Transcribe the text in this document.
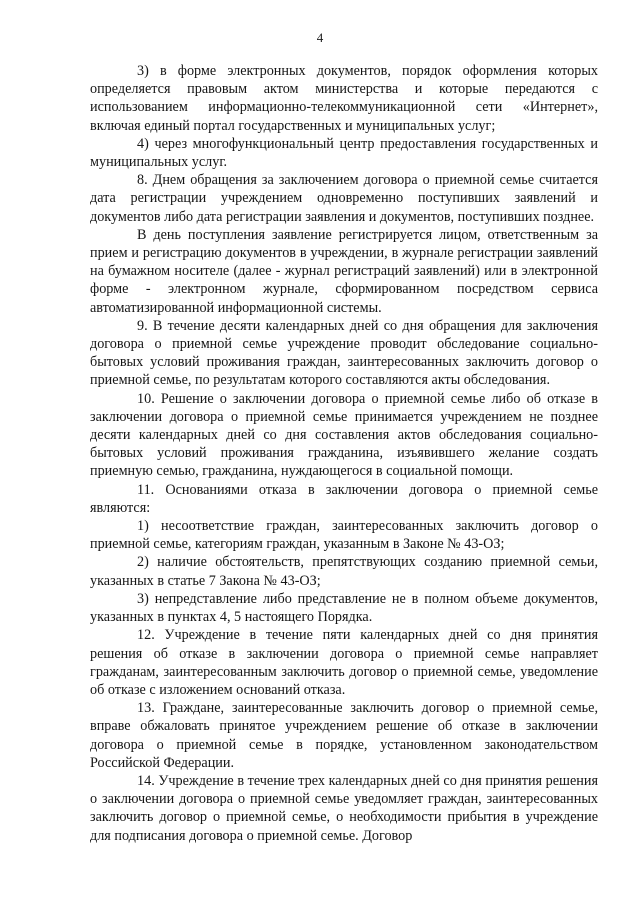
4

3) в форме электронных документов, порядок оформления которых определяется правовым актом министерства и которые передаются с использованием информационно-телекоммуникационной сети «Интернет», включая единый портал государственных и муниципальных услуг;

4) через многофункциональный центр предоставления государственных и муниципальных услуг.

8. Днем обращения за заключением договора о приемной семье считается дата регистрации учреждением одновременно поступивших заявлений и документов либо дата регистрации заявления и документов, поступивших позднее.

В день поступления заявление регистрируется лицом, ответственным за прием и регистрацию документов в учреждении, в журнале регистрации заявлений на бумажном носителе (далее - журнал регистраций заявлений) или в электронной форме - электронном журнале, сформированном посредством сервиса автоматизированной информационной системы.

9. В течение десяти календарных дней со дня обращения для заключения договора о приемной семье учреждение проводит обследование социально-бытовых условий проживания граждан, заинтересованных заключить договор о приемной семье, по результатам которого составляются акты обследования.

10. Решение о заключении договора о приемной семье либо об отказе в заключении договора о приемной семье принимается учреждением не позднее десяти календарных дней со дня составления актов обследования социально-бытовых условий проживания гражданина, изъявившего желание создать приемную семью, гражданина, нуждающегося в социальной помощи.

11. Основаниями отказа в заключении договора о приемной семье являются:

1) несоответствие граждан, заинтересованных заключить договор о приемной семье, категориям граждан, указанным в Законе № 43-ОЗ;

2) наличие обстоятельств, препятствующих созданию приемной семьи, указанных в статье 7 Закона № 43-ОЗ;

3) непредставление либо представление не в полном объеме документов, указанных в пунктах 4, 5 настоящего Порядка.

12. Учреждение в течение пяти календарных дней со дня принятия решения об отказе в заключении договора о приемной семье направляет гражданам, заинтересованным заключить договор о приемной семье, уведомление об отказе с изложением оснований отказа.

13. Граждане, заинтересованные заключить договор о приемной семье, вправе обжаловать принятое учреждением решение об отказе в заключении договора о приемной семье в порядке, установленном законодательством Российской Федерации.

14. Учреждение в течение трех календарных дней со дня принятия решения о заключении договора о приемной семье уведомляет граждан, заинтересованных заключить договор о приемной семье, о необходимости прибытия в учреждение для подписания договора о приемной семье. Договор
